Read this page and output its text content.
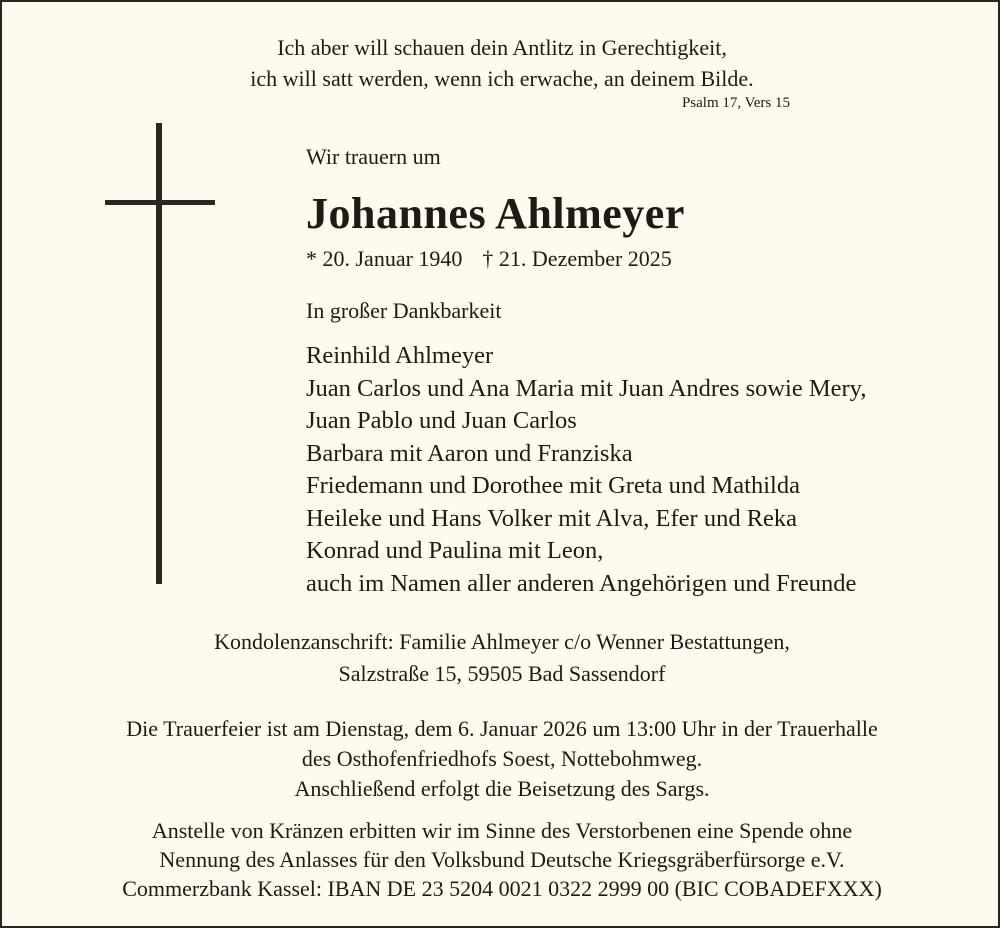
Ich aber will schauen dein Antlitz in Gerechtigkeit,
ich will satt werden, wenn ich erwache, an deinem Bilde.
Psalm 17, Vers 15
Wir trauern um
Johannes Ahlmeyer
* 20. Januar 1940 † 21. Dezember 2025
In großer Dankbarkeit
Reinhild Ahlmeyer
Juan Carlos und Ana Maria mit Juan Andres sowie Mery,
Juan Pablo und Juan Carlos
Barbara mit Aaron und Franziska
Friedemann und Dorothee mit Greta und Mathilda
Heileke und Hans Volker mit Alva, Efer und Reka
Konrad und Paulina mit Leon,
auch im Namen aller anderen Angehörigen und Freunde
Kondolenzanschrift: Familie Ahlmeyer c/o Wenner Bestattungen,
Salzstraße 15, 59505 Bad Sassendorf
Die Trauerfeier ist am Dienstag, dem 6. Januar 2026 um 13:00 Uhr in der Trauerhalle
des Osthofenfriedhofs Soest, Nottebohmweg.
Anschließend erfolgt die Beisetzung des Sargs.
Anstelle von Kränzen erbitten wir im Sinne des Verstorbenen eine Spende ohne
Nennung des Anlasses für den Volksbund Deutsche Kriegsgräberfürsorge e.V.
Commerzbank Kassel: IBAN DE 23 5204 0021 0322 2999 00 (BIC COBADEFXXX)
